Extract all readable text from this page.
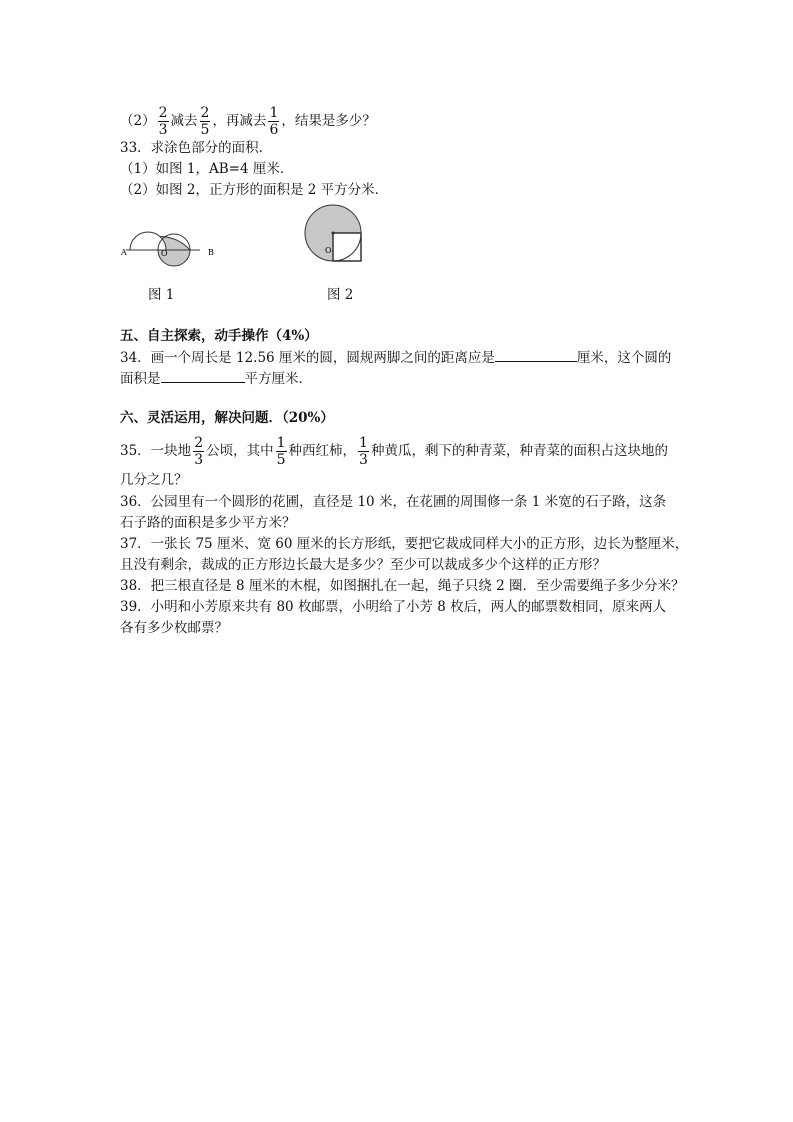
$(2) \frac{2}{3}$ 减去 $\frac{2}{5}$ ，再减去 $\frac{1}{6}$ ，结果是多少？
33．求涂色部分的面积．
（1）如图 1，AB=4 厘米．
（2）如图 2，正方形的面积是 2 平方分米．
A	O	B
图 1
O
图 2
五、自主探索，动手操作（4%）
34．画一个周长是 12.56 厘米的圆，圆规两脚之间的距离应是	厘米，这个圆的
面积是	平方厘米．
六、灵活运用，解决问题．（20%）
35．一块地 $\frac{2}{3}$ 公顷，其中 $\frac{1}{5}$ 种西红柿， $\frac{1}{3}$ 种黄瓜，剩下的种青菜，种青菜的面积占这块地的
几分之几？
36．公园里有一个圆形的花圃，直径是 10 米，在花圃的周围修一条 1 米宽的石子路，这条
石子路的面积是多少平方米？
37．一张长 75 厘米、宽 60 厘米的长方形纸，要把它裁成同样大小的正方形，边长为整厘米，
且没有剩余，裁成的正方形边长最大是多少？至少可以裁成多少个这样的正方形？
38．把三根直径是 8 厘米的木棍，如图捆扎在一起，绳子只绕 2 圈．至少需要绳子多少分米？
39．小明和小芳原来共有 80 枚邮票，小明给了小芳 8 枚后，两人的邮票数相同，原来两人
各有多少枚邮票？
